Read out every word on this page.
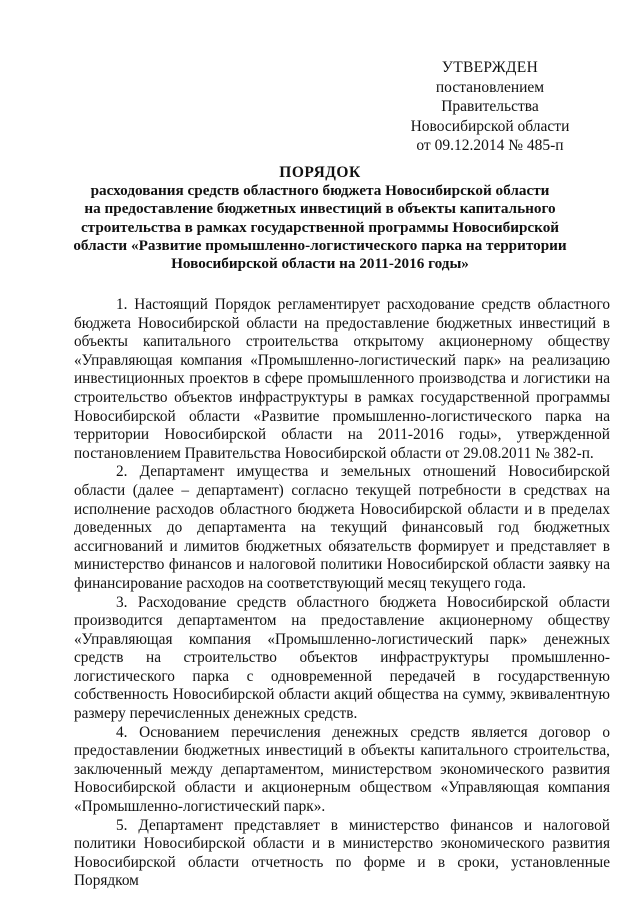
УТВЕРЖДЕН
постановлением Правительства
Новосибирской области
от 09.12.2014 № 485-п
ПОРЯДОК
расходования средств областного бюджета Новосибирской области
на предоставление бюджетных инвестиций в объекты капитального
строительства в рамках государственной программы Новосибирской
области «Развитие промышленно-логистического парка на территории
Новосибирской области на 2011-2016 годы»

1. Настоящий Порядок регламентирует расходование средств областного бюджета Новосибирской области на предоставление бюджетных инвестиций в объекты капитального строительства открытому акционерному обществу «Управляющая компания «Промышленно-логистический парк» на реализацию инвестиционных проектов в сфере промышленного производства и логистики на строительство объектов инфраструктуры в рамках государственной программы Новосибирской области «Развитие промышленно-логистического парка на территории Новосибирской области на 2011-2016 годы», утвержденной постановлением Правительства Новосибирской области от 29.08.2011 № 382-п.

2. Департамент имущества и земельных отношений Новосибирской области (далее – департамент) согласно текущей потребности в средствах на исполнение расходов областного бюджета Новосибирской области и в пределах доведенных до департамента на текущий финансовый год бюджетных ассигнований и лимитов бюджетных обязательств формирует и представляет в министерство финансов и налоговой политики Новосибирской области заявку на финансирование расходов на соответствующий месяц текущего года.

3. Расходование средств областного бюджета Новосибирской области производится департаментом на предоставление акционерному обществу «Управляющая компания «Промышленно-логистический парк» денежных средств на строительство объектов инфраструктуры промышленно-логистического парка с одновременной передачей в государственную собственность Новосибирской области акций общества на сумму, эквивалентную размеру перечисленных денежных средств.

4. Основанием перечисления денежных средств является договор о предоставлении бюджетных инвестиций в объекты капитального строительства, заключенный между департаментом, министерством экономического развития Новосибирской области и акционерным обществом «Управляющая компания «Промышленно-логистический парк».

5. Департамент представляет в министерство финансов и налоговой политики Новосибирской области и в министерство экономического развития Новосибирской области отчетность по форме и в сроки, установленные Порядком
